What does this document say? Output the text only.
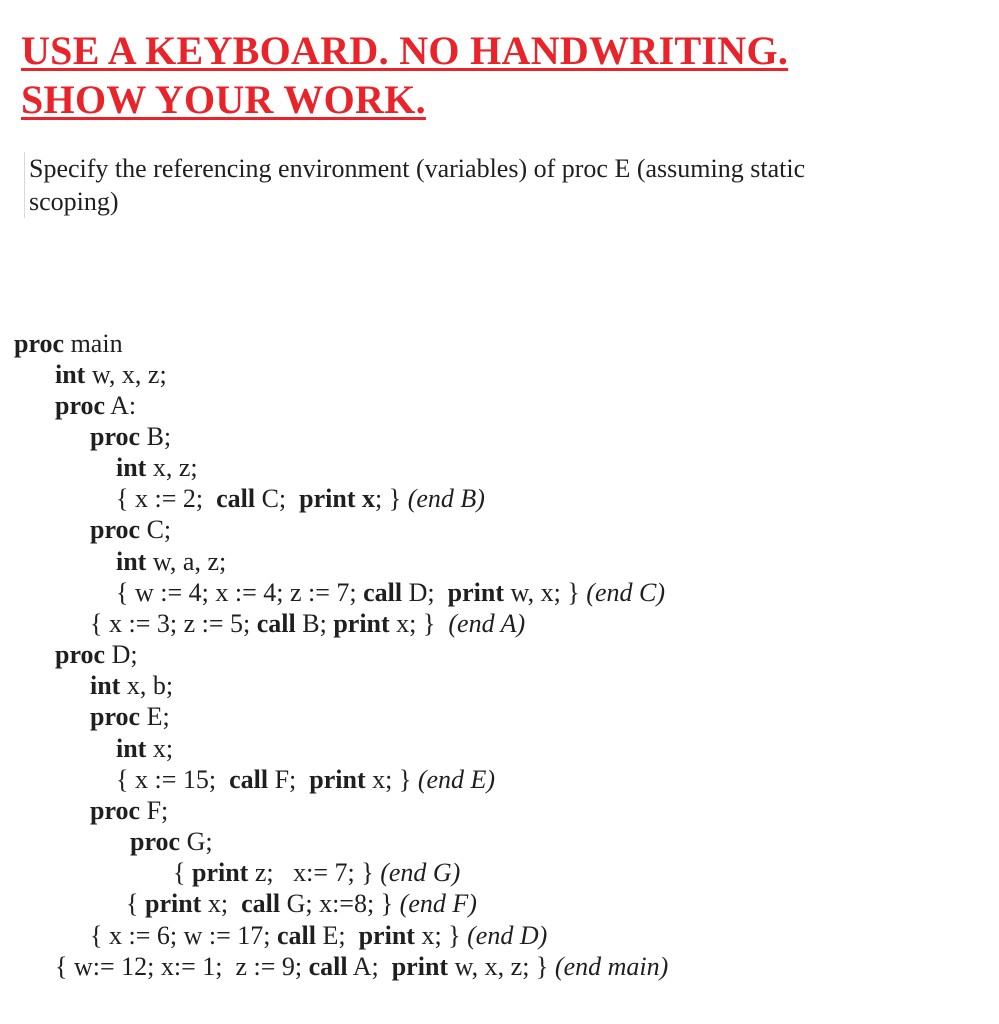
USE A KEYBOARD. NO HANDWRITING.
SHOW YOUR WORK.
Specify the referencing environment (variables) of proc E (assuming static scoping)
proc main
int w, x, z;
proc A:
proc B;
int x, z;
{ x := 2;  call C;  print x; } (end B)
proc C;
int w, a, z;
{ w := 4; x := 4; z := 7; call D;  print w, x; } (end C)
{ x := 3; z := 5; call B; print x; }  (end A)
proc D;
int x, b;
proc E;
int x;
{ x := 15;  call F;  print x; } (end E)
proc F;
proc G;
{ print z;   x:= 7; } (end G)
{ print x;  call G; x:=8; } (end F)
{ x := 6; w := 17; call E;  print x; } (end D)
{ w:= 12; x:= 1;  z := 9; call A;  print w, x, z; } (end main)
